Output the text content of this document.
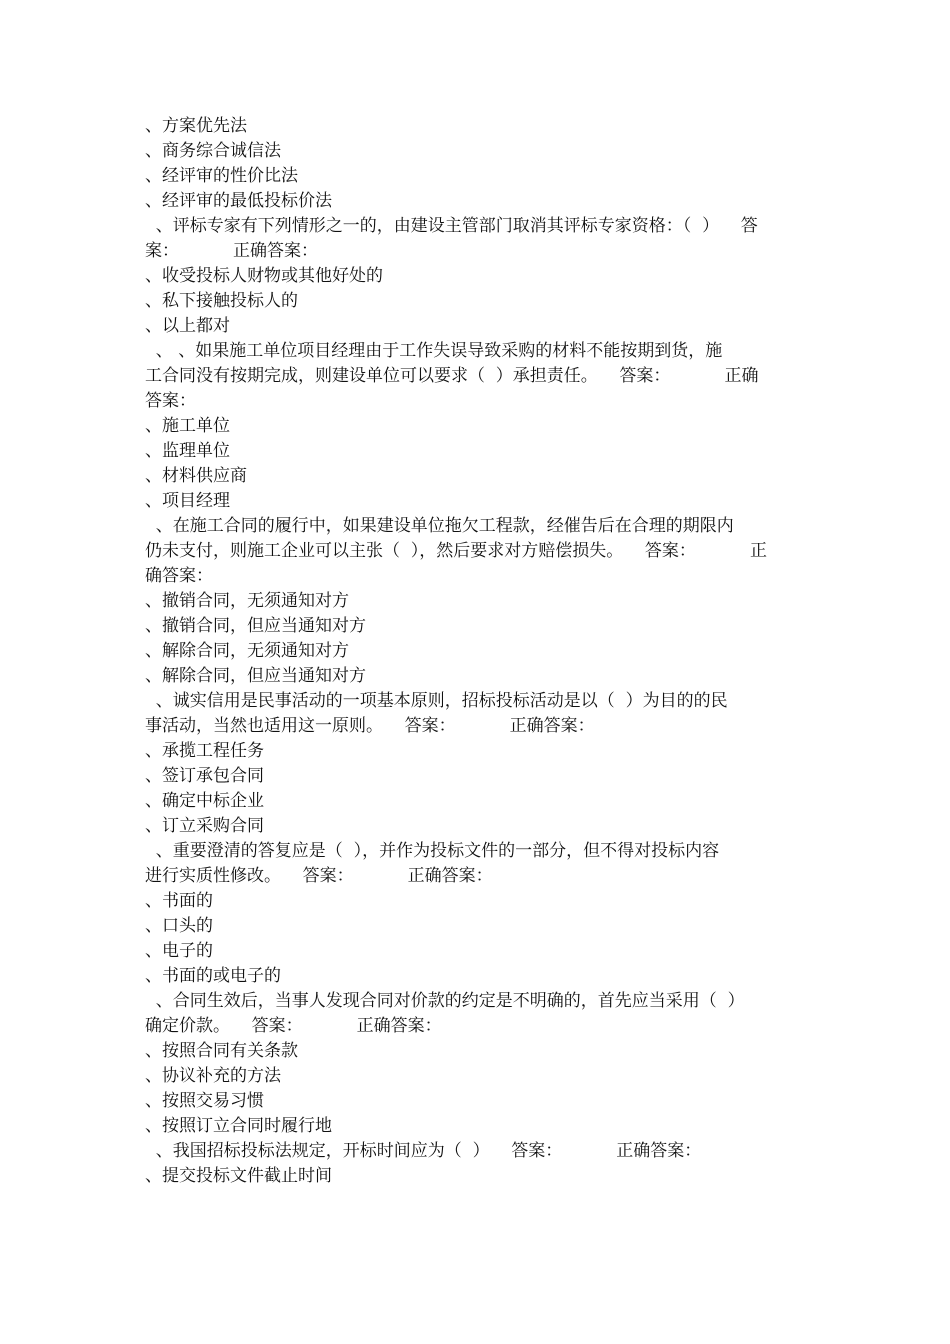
、方案优先法
、商务综合诚信法
、经评审的性价比法
、经评审的最低投标价法
、评标专家有下列情形之一的，由建设主管部门取消其评标专家资格：（  ）    答
案：          正确答案：
、收受投标人财物或其他好处的
、私下接触投标人的
、以上都对
、 、如果施工单位项目经理由于工作失误导致采购的材料不能按期到货，施
工合同没有按期完成，则建设单位可以要求（  ）承担责任。    答案：          正确
答案：
、施工单位
、监理单位
、材料供应商
、项目经理
、在施工合同的履行中，如果建设单位拖欠工程款，经催告后在合理的期限内
仍未支付，则施工企业可以主张（  ），然后要求对方赔偿损失。    答案：          正
确答案：
、撤销合同，无须通知对方
、撤销合同，但应当通知对方
、解除合同，无须通知对方
、解除合同，但应当通知对方
、诚实信用是民事活动的一项基本原则，招标投标活动是以（  ）为目的的民
事活动，当然也适用这一原则。    答案：          正确答案：
、承揽工程任务
、签订承包合同
、确定中标企业
、订立采购合同
、重要澄清的答复应是（  ），并作为投标文件的一部分，但不得对投标内容
进行实质性修改。    答案：          正确答案：
、书面的
、口头的
、电子的
、书面的或电子的
、合同生效后，当事人发现合同对价款的约定是不明确的，首先应当采用（  ）
确定价款。    答案：          正确答案：
、按照合同有关条款
、协议补充的方法
、按照交易习惯
、按照订立合同时履行地
、我国招标投标法规定，开标时间应为（  ）    答案：          正确答案：
、提交投标文件截止时间
